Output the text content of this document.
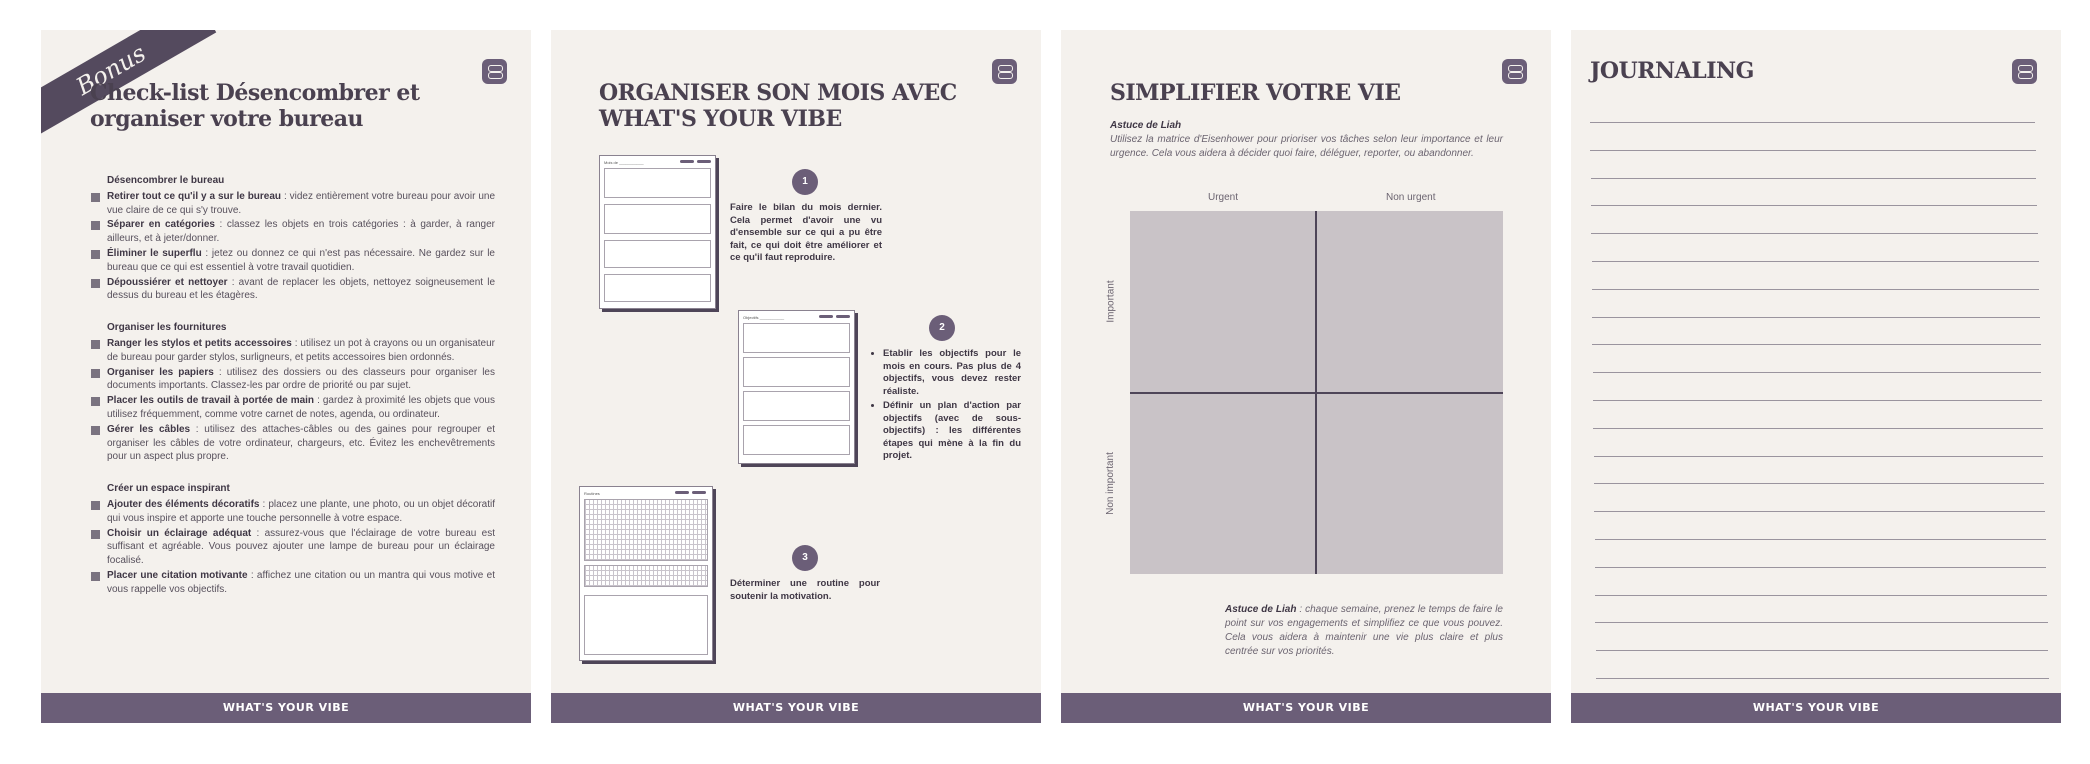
Bonus
Check-list Désencombrer et organiser votre bureau
Désencombrer le bureau
Retirer tout ce qu'il y a sur le bureau : videz entièrement votre bureau pour avoir une vue claire de ce qui s'y trouve.
Séparer en catégories : classez les objets en trois catégories : à garder, à ranger ailleurs, et à jeter/donner.
Éliminer le superflu : jetez ou donnez ce qui n'est pas nécessaire. Ne gardez sur le bureau que ce qui est essentiel à votre travail quotidien.
Dépoussiérer et nettoyer : avant de replacer les objets, nettoyez soigneusement le dessus du bureau et les étagères.
Organiser les fournitures
Ranger les stylos et petits accessoires : utilisez un pot à crayons ou un organisateur de bureau pour garder stylos, surligneurs, et petits accessoires bien ordonnés.
Organiser les papiers : utilisez des dossiers ou des classeurs pour organiser les documents importants. Classez-les par ordre de priorité ou par sujet.
Placer les outils de travail à portée de main : gardez à proximité les objets que vous utilisez fréquemment, comme votre carnet de notes, agenda, ou ordinateur.
Gérer les câbles : utilisez des attaches-câbles ou des gaines pour regrouper et organiser les câbles de votre ordinateur, chargeurs, etc. Évitez les enchevêtrements pour un aspect plus propre.
Créer un espace inspirant
Ajouter des éléments décoratifs : placez une plante, une photo, ou un objet décoratif qui vous inspire et apporte une touche personnelle à votre espace.
Choisir un éclairage adéquat : assurez-vous que l'éclairage de votre bureau est suffisant et agréable. Vous pouvez ajouter une lampe de bureau pour un éclairage focalisé.
Placer une citation motivante : affichez une citation ou un mantra qui vous motive et vous rappelle vos objectifs.
WHAT'S YOUR VIBE
ORGANISER SON MOIS AVEC WHAT'S YOUR VIBE
Mois de ___________
1
Faire le bilan du mois dernier. Cela permet d'avoir une vu d'ensemble sur ce qui a pu être fait, ce qui doit être améliorer et ce qu'il faut reproduire.
Objectifs ___________
2
• Etablir les objectifs pour le mois en cours. Pas plus de 4 objectifs, vous devez rester réaliste.
• Définir un plan d'action par objectifs (avec de sous-objectifs) : les différentes étapes qui mène à la fin du projet.
Routines
3
Déterminer une routine pour soutenir la motivation.
WHAT'S YOUR VIBE
SIMPLIFIER VOTRE VIE
Astuce de Liah
Utilisez la matrice d'Eisenhower pour prioriser vos tâches selon leur importance et leur urgence. Cela vous aidera à décider quoi faire, déléguer, reporter, ou abandonner.
Urgent	Non urgent
Important
Non important
Astuce de Liah : chaque semaine, prenez le temps de faire le point sur vos engagements et simplifiez ce que vous pouvez. Cela vous aidera à maintenir une vie plus claire et plus centrée sur vos priorités.
WHAT'S YOUR VIBE
JOURNALING
WHAT'S YOUR VIBE
